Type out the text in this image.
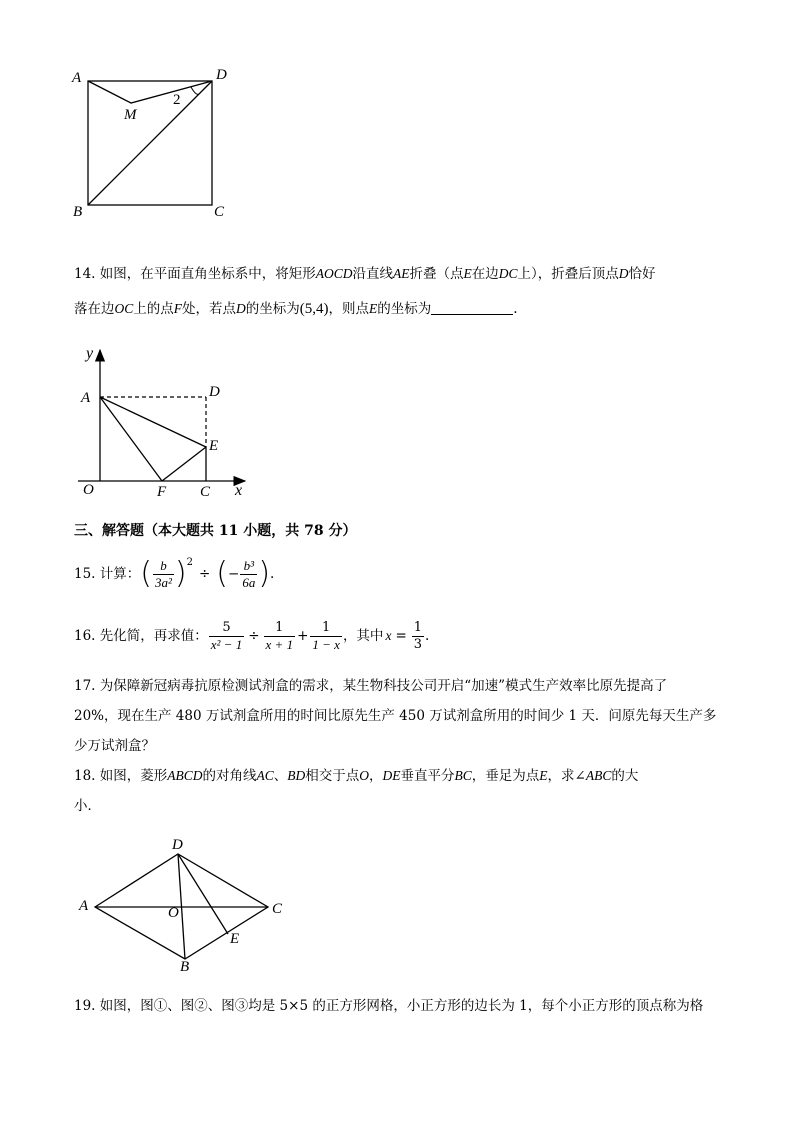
A	D
B	C
M
2
14. 如图，在平面直角坐标系中，将矩形AOCD沿直线AE折叠（点E在边DC上），折叠后顶点D恰好
落在边OC上的点F处，若点D的坐标为(5,4)，则点E的坐标为	.
y
x
A	D
E
O	F C
三、解答题（本大题共 11 小题，共 78 分）
15. 计算： ( $\frac{b}{\text{3a²}}$ ) 2
÷ ( − $\frac{\text{b³}}{6a}$ ) .
16. 先化简，再求值： $\frac{5}{\text{x² − 1}} \div \frac{1}{x + 1} + \frac{1}{1 - x}$ ，其中 $x = \frac{1}{3}$ .
17. 为保障新冠病毒抗原检测试剂盒的需求，某生物科技公司开启“加速”模式生产效率比原先提高了
20%，现在生产 480 万试剂盒所用的时间比原先生产 450 万试剂盒所用的时间少 1 天．问原先每天生产多
少万试剂盒？
18. 如图，菱形ABCD的对角线AC、BD相交于点O，DE垂直平分BC，垂足为点E，求∠ABC的大
小．
D
A	O	C
E
B
19. 如图，图①、图②、图③均是 5×5 的正方形网格，小正方形的边长为 1，每个小正方形的顶点称为格
